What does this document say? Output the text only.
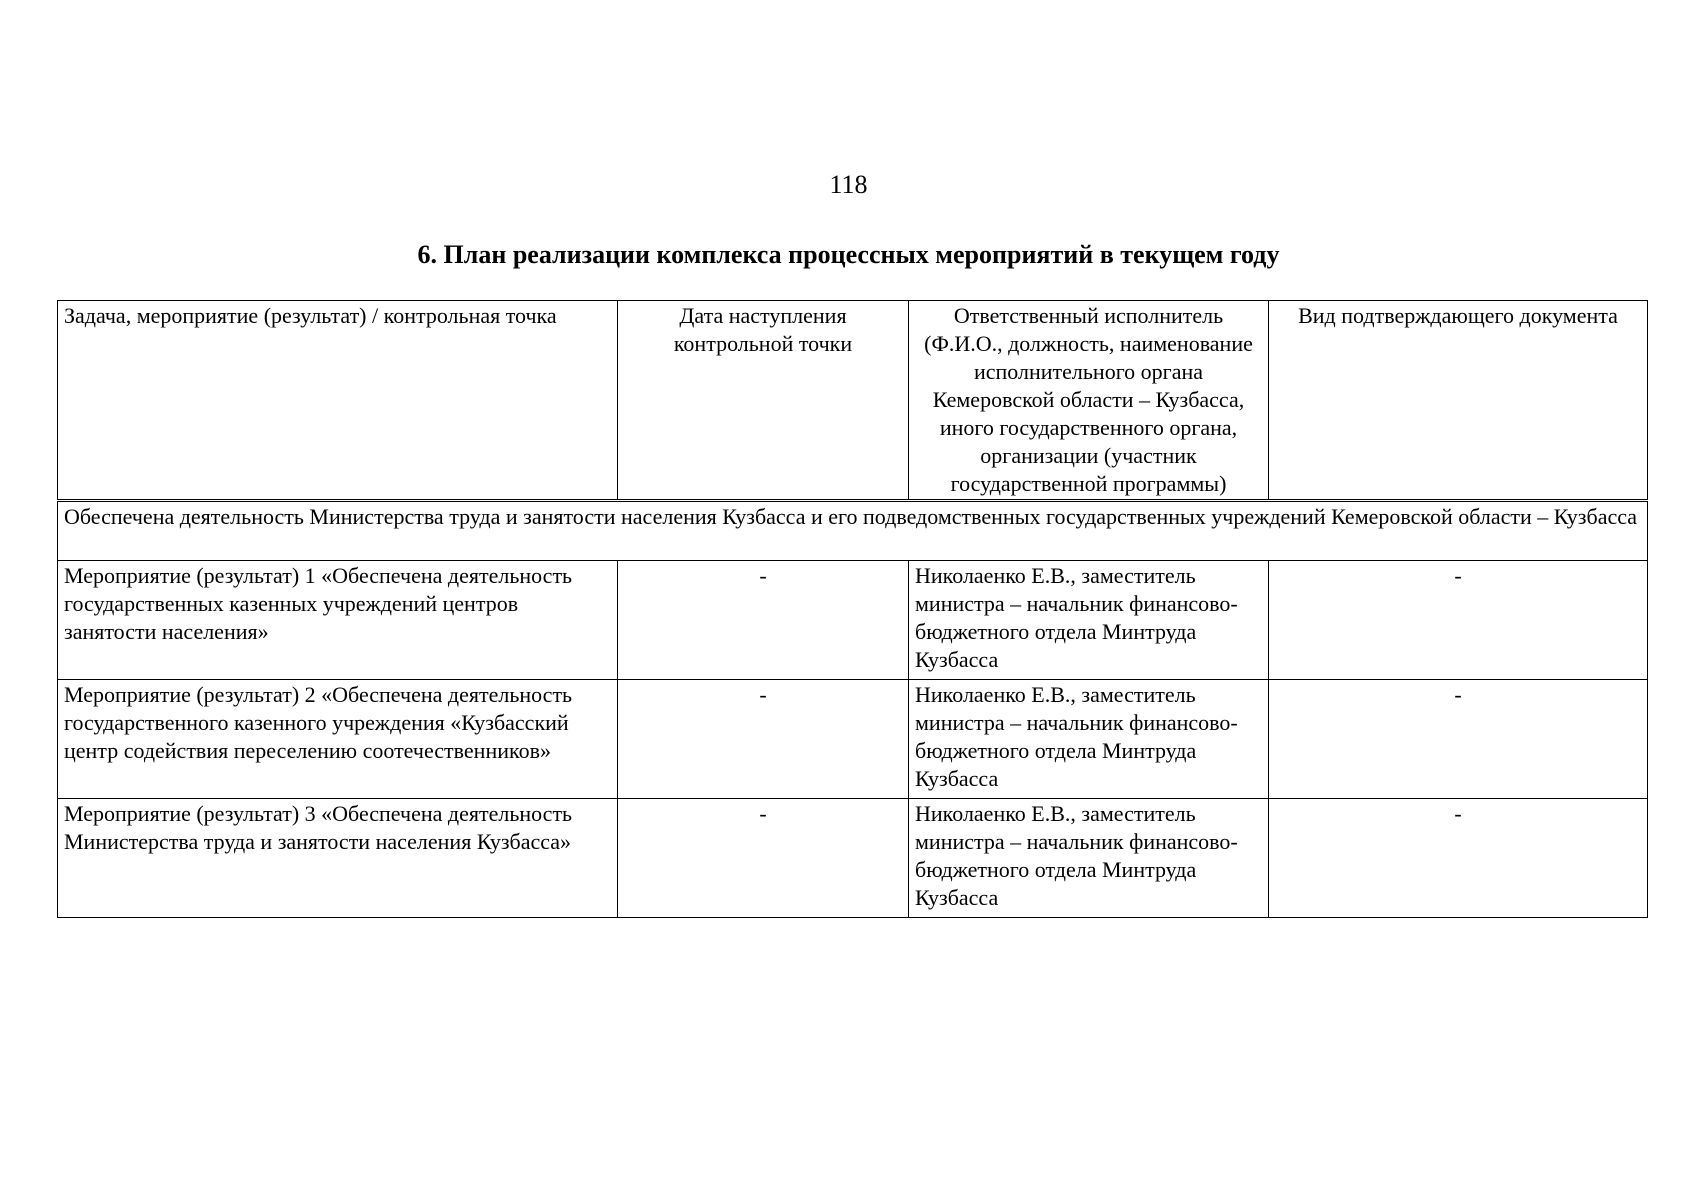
118
6. План реализации комплекса процессных мероприятий в текущем году
Задача, мероприятие (результат) / контрольная точка	Дата наступления контрольной точки	Ответственный исполнитель (Ф.И.О., должность, наименование исполнительного органа Кемеровской области – Кузбасса, иного государственного органа, организации (участник государственной программы)	Вид подтверждающего документа
Обеспечена деятельность Министерства труда и занятости населения Кузбасса и его подведомственных государственных учреждений Кемеровской области – Кузбасса			
Мероприятие (результат) 1 «Обеспечена деятельность государственных казенных учреждений центров занятости населения»	-	Николаенко Е.В., заместитель министра – начальник финансово-бюджетного отдела Минтруда Кузбасса	-
Мероприятие (результат) 2 «Обеспечена деятельность государственного казенного учреждения «Кузбасский центр содействия переселению соотечественников»	-	Николаенко Е.В., заместитель министра – начальник финансово-бюджетного отдела Минтруда Кузбасса	-
Мероприятие (результат) 3 «Обеспечена деятельность Министерства труда и занятости населения Кузбасса»	-	Николаенко Е.В., заместитель министра – начальник финансово-бюджетного отдела Минтруда Кузбасса	-
